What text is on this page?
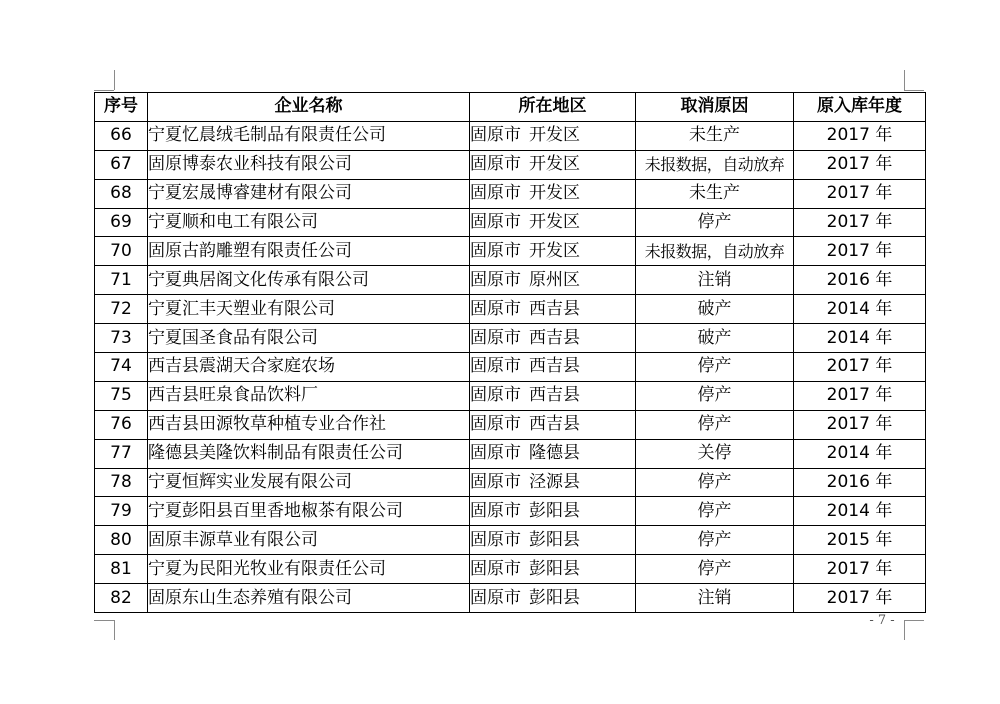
序号	企业名称	所在地区	取消原因	原入库年度
66	宁夏忆晨绒毛制品有限责任公司	固原市 开发区	未生产	2017 年
67	固原博泰农业科技有限公司	固原市 开发区	未报数据，自动放弃	2017 年
68	宁夏宏晟博睿建材有限公司	固原市 开发区	未生产	2017 年
69	宁夏顺和电工有限公司	固原市 开发区	停产	2017 年
70	固原古韵雕塑有限责任公司	固原市 开发区	未报数据，自动放弃	2017 年
71	宁夏典居阁文化传承有限公司	固原市 原州区	注销	2016 年
72	宁夏汇丰天塑业有限公司	固原市 西吉县	破产	2014 年
73	宁夏国圣食品有限公司	固原市 西吉县	破产	2014 年
74	西吉县震湖天合家庭农场	固原市 西吉县	停产	2017 年
75	西吉县旺泉食品饮料厂	固原市 西吉县	停产	2017 年
76	西吉县田源牧草种植专业合作社	固原市 西吉县	停产	2017 年
77	隆德县美隆饮料制品有限责任公司	固原市 隆德县	关停	2014 年
78	宁夏恒辉实业发展有限公司	固原市 泾源县	停产	2016 年
79	宁夏彭阳县百里香地椒茶有限公司	固原市 彭阳县	停产	2014 年
80	固原丰源草业有限公司	固原市 彭阳县	停产	2015 年
81	宁夏为民阳光牧业有限责任公司	固原市 彭阳县	停产	2017 年
82	固原东山生态养殖有限公司	固原市 彭阳县	注销	2017 年
- 7 -
